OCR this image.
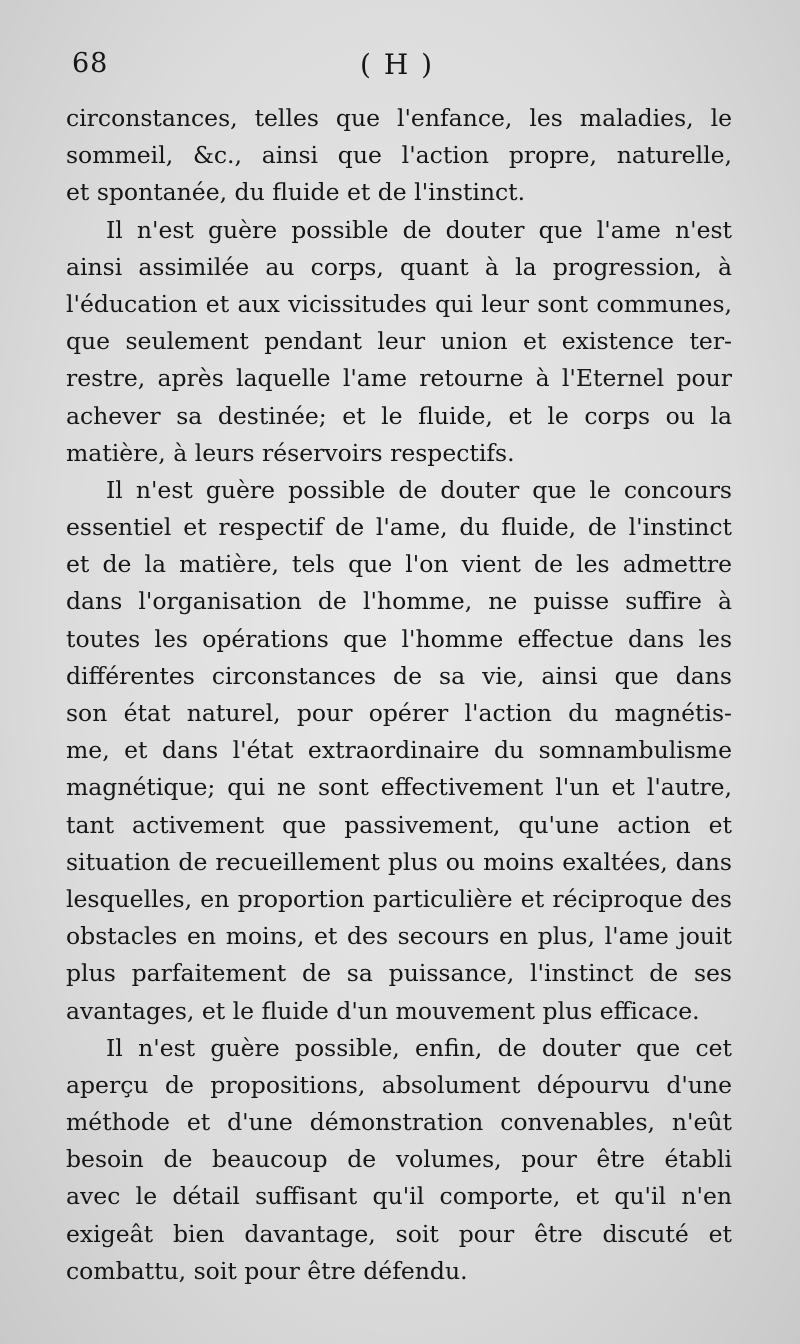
68	( H )
circonstances, telles que l'enfance, les maladies, le
sommeil, &c., ainsi que l'action propre, naturelle,
et spontanée, du fluide et de l'instinct.
Il n'est guère possible de douter que l'ame n'est
ainsi assimilée au corps, quant à la progression, à
l'éducation et aux vicissitudes qui leur sont communes,
que seulement pendant leur union et existence ter-
restre, après laquelle l'ame retourne à l'Eternel pour
achever sa destinée; et le fluide, et le corps ou la
matière, à leurs réservoirs respectifs.
Il n'est guère possible de douter que le concours
essentiel et respectif de l'ame, du fluide, de l'instinct
et de la matière, tels que l'on vient de les admettre
dans l'organisation de l'homme, ne puisse suffire à
toutes les opérations que l'homme effectue dans les
différentes circonstances de sa vie, ainsi que dans
son état naturel, pour opérer l'action du magnétis-
me, et dans l'état extraordinaire du somnambulisme
magnétique; qui ne sont effectivement l'un et l'autre,
tant activement que passivement, qu'une action et
situation de recueillement plus ou moins exaltées, dans
lesquelles, en proportion particulière et réciproque des
obstacles en moins, et des secours en plus, l'ame jouit
plus parfaitement de sa puissance, l'instinct de ses
avantages, et le fluide d'un mouvement plus efficace.
Il n'est guère possible, enfin, de douter que cet
aperçu de propositions, absolument dépourvu d'une
méthode et d'une démonstration convenables, n'eût
besoin de beaucoup de volumes, pour être établi
avec le détail suffisant qu'il comporte, et qu'il n'en
exigeât bien davantage, soit pour être discuté et
combattu, soit pour être défendu.
